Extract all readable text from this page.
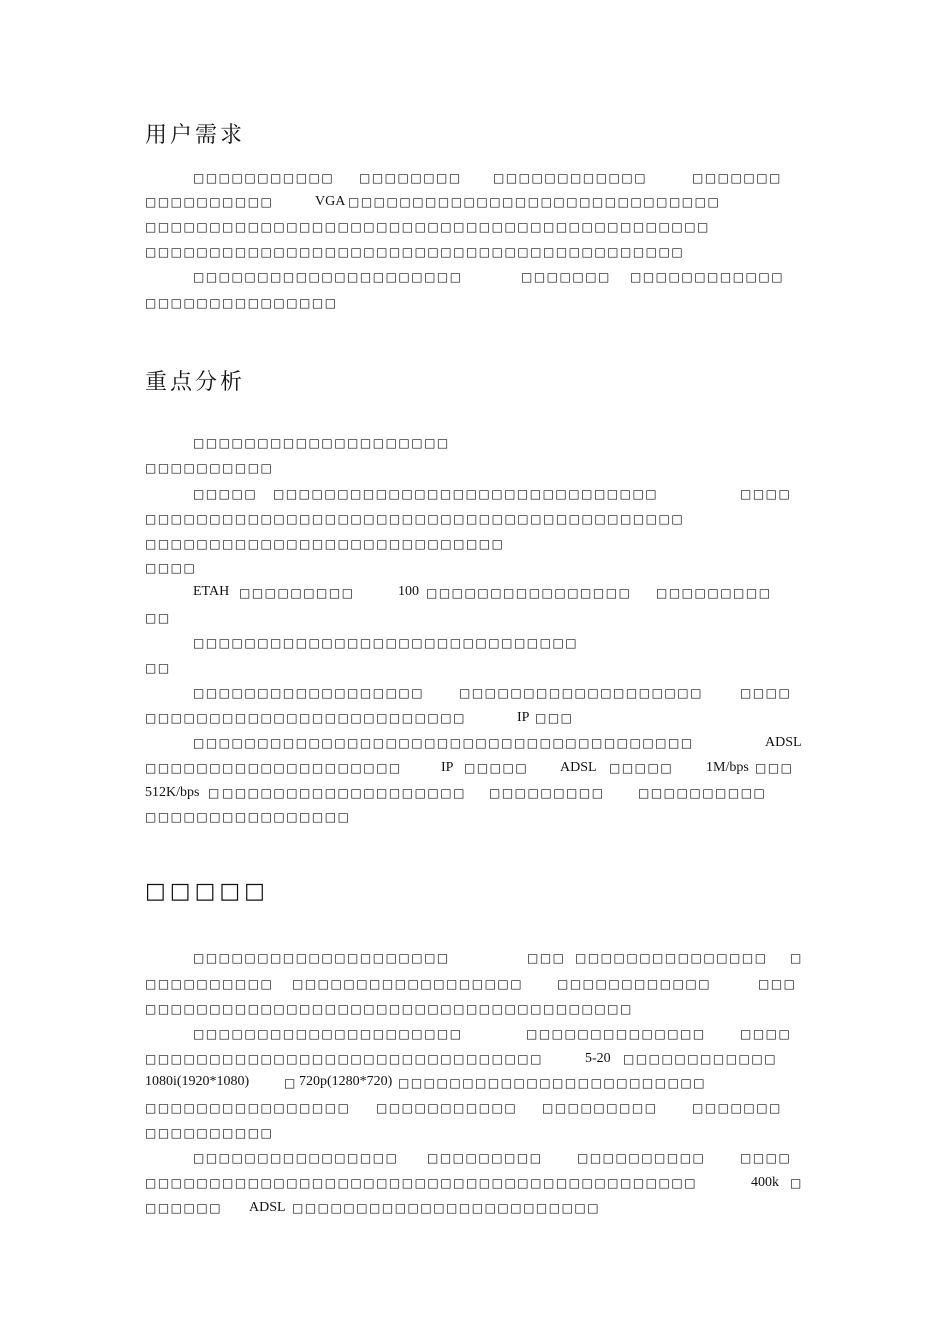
用户需求
□□□□□□□□□□□ □□□□□□□□	□□□□□□□□□□□□	□□□□□□□
□□□□□□□□□□	VGA □□□□□□□□□□□□□□□□□□□□□□□□□□□□□
□□□□□□□□□□□□□□□□□□□□□□□□□□□□□□□□□□□□□□□□□□□□
□□□□□□□□□□□□□□□□□□□□□□□□□□□□□□□□□□□□□□□□□□
□□□□□□□□□□□□□□□□□□□□□	□□□□□□□ □□□□□□□□□□□□
□□□□□□□□□□□□□□□
重点分析
□□□□□□□□□□□□□□□□□□□□
□□□□□□□□□□
□□□□□ □□□□□□□□□□□□□□□□□□□□□□□□□□□□□□	□□□□
□□□□□□□□□□□□□□□□□□□□□□□□□□□□□□□□□□□□□□□□□□
□□□□□□□□□□□□□□□□□□□□□□□□□□□□
□□□□
ETAH □□□□□□□□□	100 □□□□□□□□□□□□□□□□ □□□□□□□□□
□□
□□□□□□□□□□□□□□□□□□□□□□□□□□□□□□
□□
□□□□□□□□□□□□□□□□□□	□□□□□□□□□□□□□□□□□□□	□□□□
□□□□□□□□□□□□□□□□□□□□□□□□□	IP □□□
□□□□□□□□□□□□□□□□□□□□□□□□□□□□□□□□□□□□□□□	ADSL
□□□□□□□□□□□□□□□□□□□□	IP □□□□□ ADSL □□□□□ 1M/bps □□□
512K/bps □ □□□□□□□□□□□□□□□□□□□ □□□□□□□□□	□□□□□□□□□□
□□□□□□□□□□□□□□□□
□□□□□
□□□□□□□□□□□□□□□□□□□□	□□□ □□□□□□□□□□□□□□□ □
□□□□□□□□□□ □□□□□□□□□□□□□□□□□□	□□□□□□□□□□□□	□□□
□□□□□□□□□□□□□□□□□□□□□□□□□□□□□□□□□□□□□□
□□□□□□□□□□□□□□□□□□□□□	□□□□□□□□□□□□□□	□□□□
□□□□□□□□□□□□□□□□□□□□□□□□□□□□□□□	5-20 □□□□□□□□□□□□
1080i(1920*1080)	□ 720p(1280*720) □□□□□□□□□□□□□□□□□□□□□□□□
□□□□□□□□□□□□□□□□ □□□□□□□□□□□ □□□□□□□□□	□□□□□□□
□□□□□□□□□□
□□□□□□□□□□□□□□□□ □□□□□□□□□	□□□□□□□□□□	□□□□
□□□□□□□□□□□□□□□□□□□□□□□□□□□□□□□□□□□□□□□□□□□	400k □
□□□□□□ ADSL □□□□□□□□□□□□□□□□□□□□□□□□
